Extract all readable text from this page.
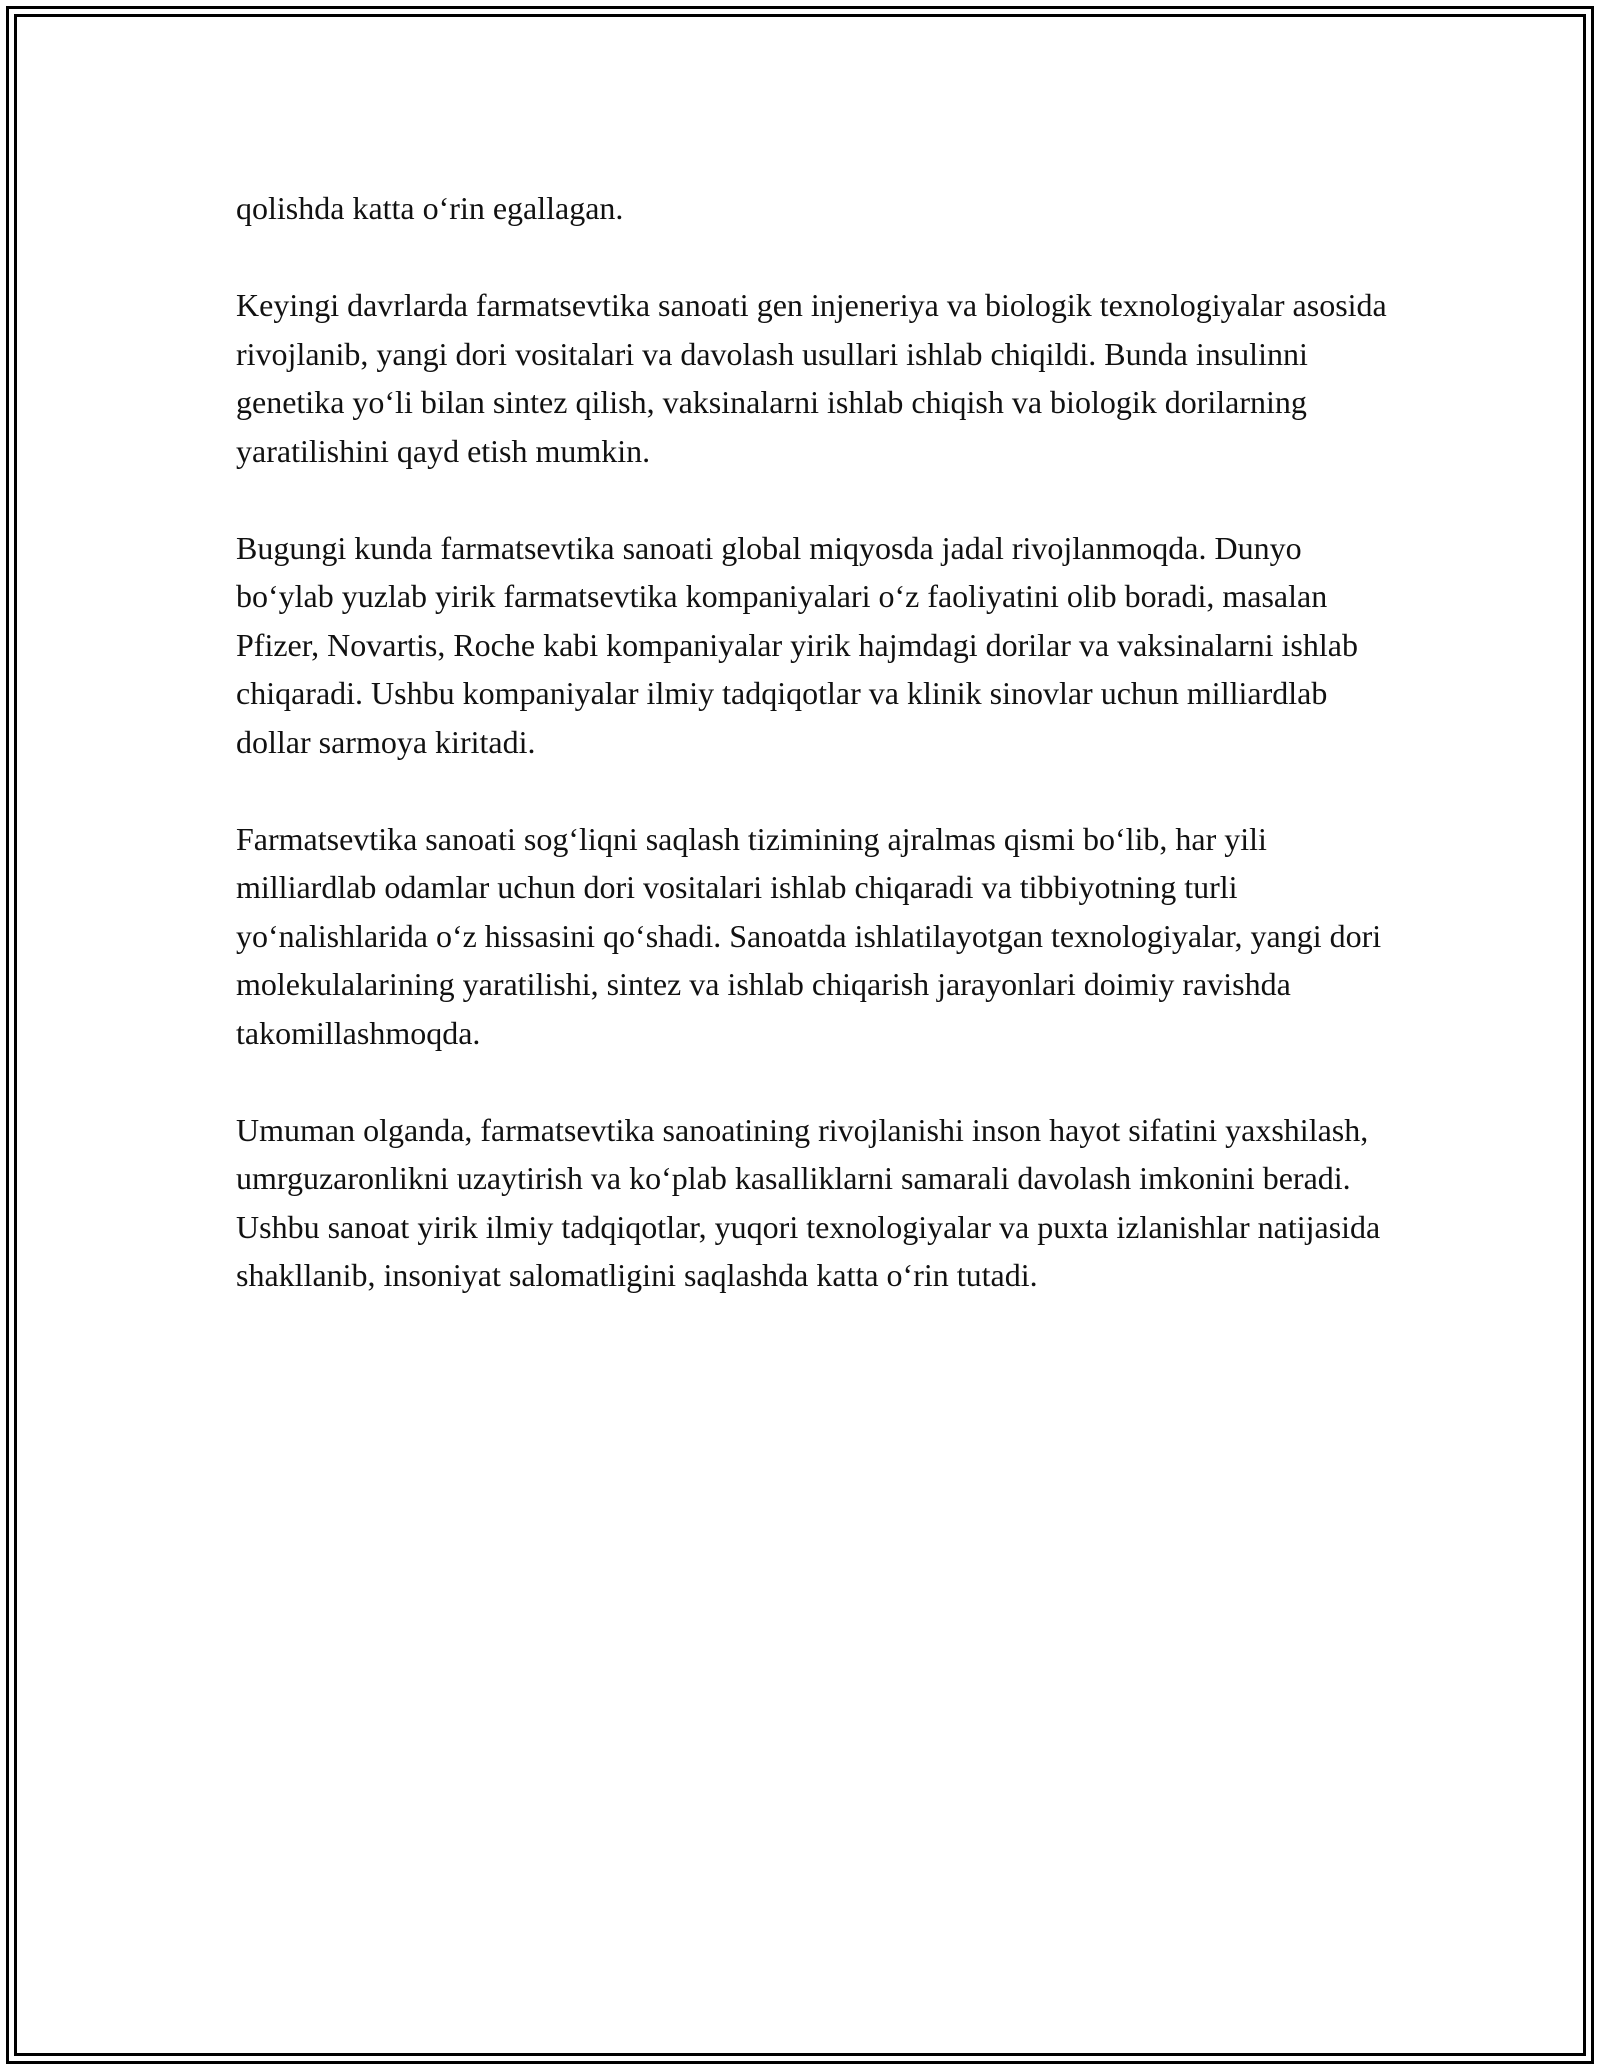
qolishda katta o‘rin egallagan.

Keyingi davrlarda farmatsevtika sanoati gen injeneriya va biologik texnologiyalar asosida rivojlanib, yangi dori vositalari va davolash usullari ishlab chiqildi. Bunda insulinni genetika yo‘li bilan sintez qilish, vaksinalarni ishlab chiqish va biologik dorilarning yaratilishini qayd etish mumkin.

Bugungi kunda farmatsevtika sanoati global miqyosda jadal rivojlanmoqda. Dunyo bo‘ylab yuzlab yirik farmatsevtika kompaniyalari o‘z faoliyatini olib boradi, masalan Pfizer, Novartis, Roche kabi kompaniyalar yirik hajmdagi dorilar va vaksinalarni ishlab chiqaradi. Ushbu kompaniyalar ilmiy tadqiqotlar va klinik sinovlar uchun milliardlab dollar sarmoya kiritadi.

Farmatsevtika sanoati sog‘liqni saqlash tizimining ajralmas qismi bo‘lib, har yili milliardlab odamlar uchun dori vositalari ishlab chiqaradi va tibbiyotning turli yo‘nalishlarida o‘z hissasini qo‘shadi. Sanoatda ishlatilayotgan texnologiyalar, yangi dori molekulalarining yaratilishi, sintez va ishlab chiqarish jarayonlari doimiy ravishda takomillashmoqda.

Umuman olganda, farmatsevtika sanoatining rivojlanishi inson hayot sifatini yaxshilash, umrguzaronlikni uzaytirish va ko‘plab kasalliklarni samarali davolash imkonini beradi. Ushbu sanoat yirik ilmiy tadqiqotlar, yuqori texnologiyalar va puxta izlanishlar natijasida shakllanib, insoniyat salomatligini saqlashda katta o‘rin tutadi.
